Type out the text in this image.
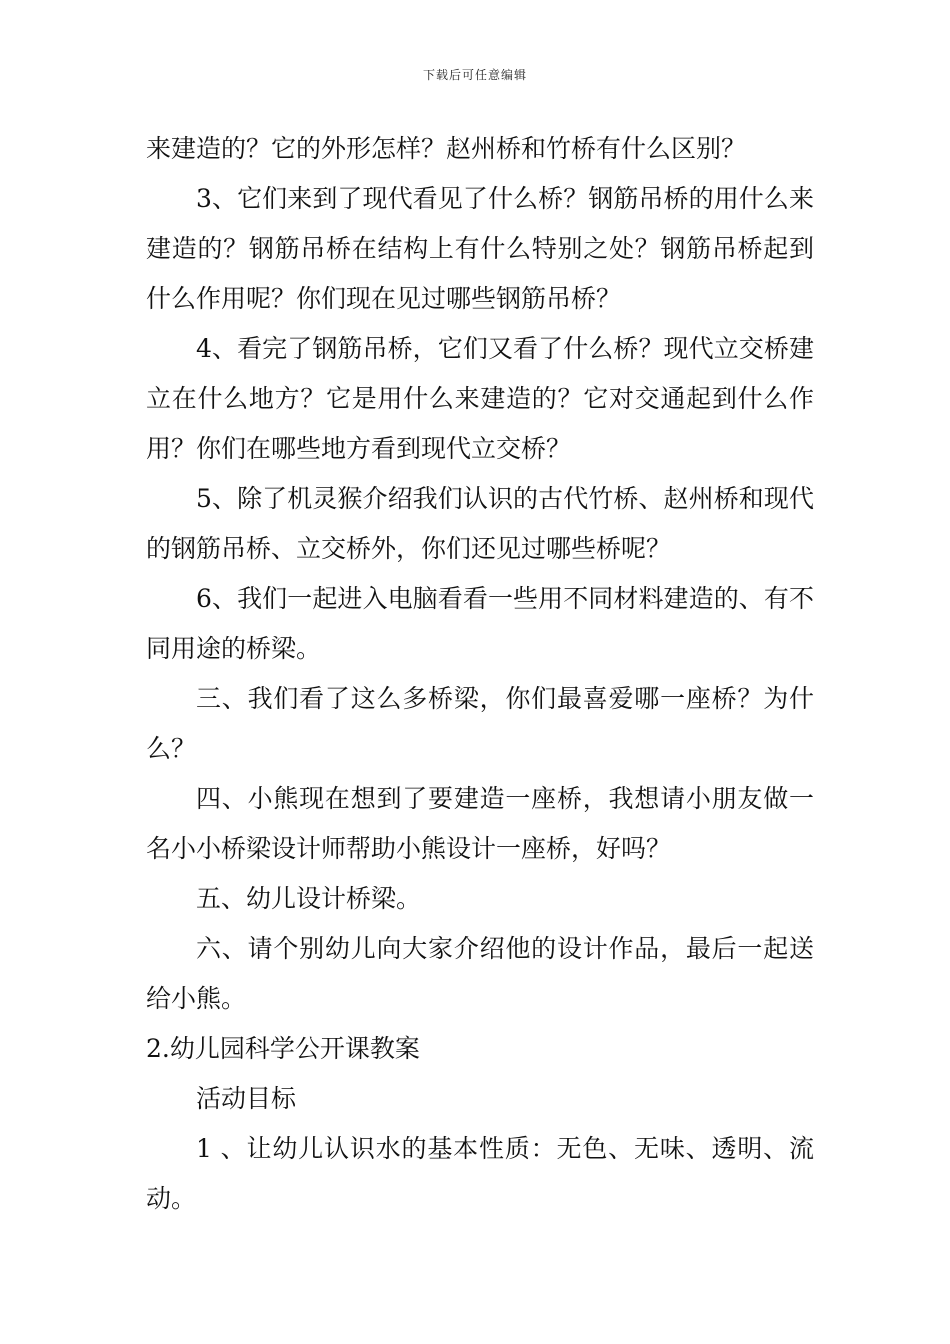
下载后可任意编辑

来建造的？它的外形怎样？赵州桥和竹桥有什么区别？

3、它们来到了现代看见了什么桥？钢筋吊桥的用什么来建造的？钢筋吊桥在结构上有什么特别之处？钢筋吊桥起到什么作用呢？你们现在见过哪些钢筋吊桥？

4、看完了钢筋吊桥，它们又看了什么桥？现代立交桥建立在什么地方？它是用什么来建造的？它对交通起到什么作用？你们在哪些地方看到现代立交桥？

5、除了机灵猴介绍我们认识的古代竹桥、赵州桥和现代的钢筋吊桥、立交桥外，你们还见过哪些桥呢？

6、我们一起进入电脑看看一些用不同材料建造的、有不同用途的桥梁。

三、我们看了这么多桥梁，你们最喜爱哪一座桥？为什么？

四、小熊现在想到了要建造一座桥，我想请小朋友做一名小小桥梁设计师帮助小熊设计一座桥，好吗？

五、幼儿设计桥梁。

六、请个别幼儿向大家介绍他的设计作品，最后一起送给小熊。

2.幼儿园科学公开课教案

活动目标

1 、让幼儿认识水的基本性质：无色、无味、透明、流动。
